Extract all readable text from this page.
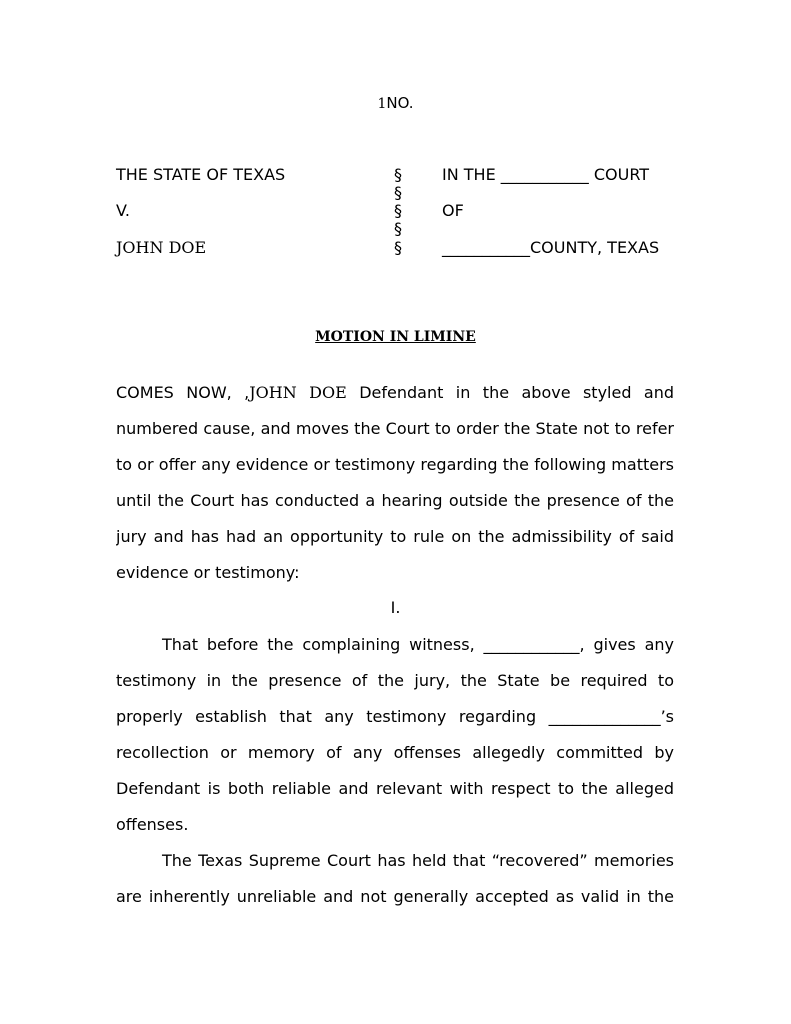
1NO.
THE STATE OF TEXAS
V.
JOHN DOE
§
§
§
§
§
IN THE ___________ COURT
OF
___________COUNTY, TEXAS
MOTION IN LIMINE
COMES NOW, ,JOHN DOE Defendant in the above styled and
numbered cause, and moves the Court to order the State not to refer
to or offer any evidence or testimony regarding the following matters
until the Court has conducted a hearing outside the presence of the
jury and has had an opportunity to rule on the admissibility of said
evidence or testimony:
I.
That before the complaining witness, ____________, gives any
testimony in the presence of the jury, the State be required to
properly establish that any testimony regarding ______________’s
recollection or memory of any offenses allegedly committed by
Defendant is both reliable and relevant with respect to the alleged
offenses.
The Texas Supreme Court has held that “recovered” memories
are inherently unreliable and not generally accepted as valid in the
